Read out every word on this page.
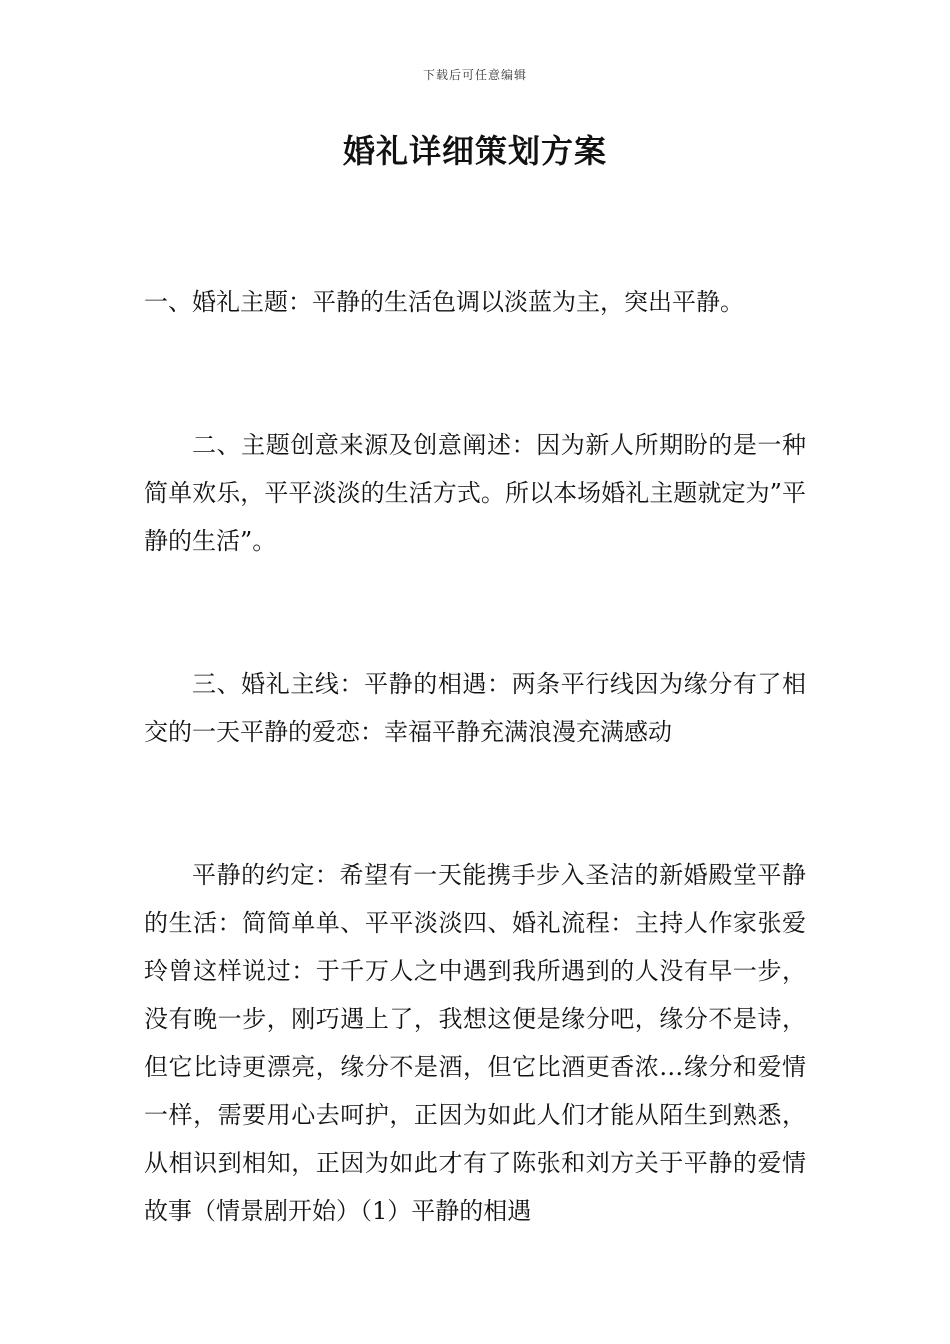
下载后可任意编辑
婚礼详细策划方案

一、婚礼主题：平静的生活色调以淡蓝为主，突出平静。

二、主题创意来源及创意阐述：因为新人所期盼的是一种简单欢乐，平平淡淡的生活方式。所以本场婚礼主题就定为”平静的生活”。

三、婚礼主线：平静的相遇：两条平行线因为缘分有了相交的一天平静的爱恋：幸福平静充满浪漫充满感动

平静的约定：希望有一天能携手步入圣洁的新婚殿堂平静的生活：简简单单、平平淡淡四、婚礼流程：主持人作家张爱玲曾这样说过：于千万人之中遇到我所遇到的人没有早一步，没有晚一步，刚巧遇上了，我想这便是缘分吧，缘分不是诗，但它比诗更漂亮，缘分不是酒，但它比酒更香浓…缘分和爱情一样，需要用心去呵护，正因为如此人们才能从陌生到熟悉，从相识到相知，正因为如此才有了陈张和刘方关于平静的爱情故事（情景剧开始）（1）平静的相遇
